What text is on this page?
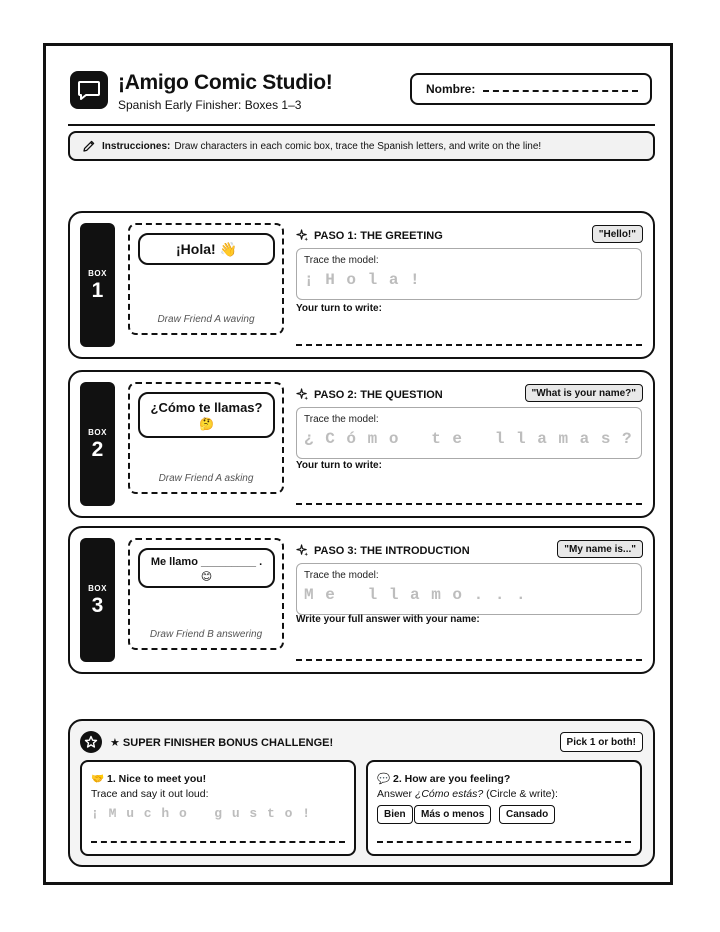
¡Amigo Comic Studio!
Spanish Early Finisher: Boxes 1–3
Nombre:
Instrucciones: Draw characters in each comic box, trace the Spanish letters, and write on the line!
BOX
1
¡Hola! 👋
Draw Friend A waving
PASO 1: THE GREETING	"Hello!"
Trace the model:
¡ H o l a !
Your turn to write:
BOX
2
¿Cómo te llamas?
🤔
Draw Friend A asking
PASO 2: THE QUESTION	"What is your name?"
Trace the model:
¿ C ó m o   t e   l l a m a s ?
Your turn to write:
BOX
3
Me llamo _________ .
😊
Draw Friend B answering
PASO 3: THE INTRODUCTION	"My name is..."
Trace the model:
M e   l l a m o . . .
Write your full answer with your name:
★ SUPER FINISHER BONUS CHALLENGE!	Pick 1 or both!
🤝 1. Nice to meet you!
Trace and say it out loud:
¡ M u c h o   g u s t o !
💬 2. How are you feeling?
Answer ¿Cómo estás? (Circle & write):
Bien	Más o menos	Cansado
